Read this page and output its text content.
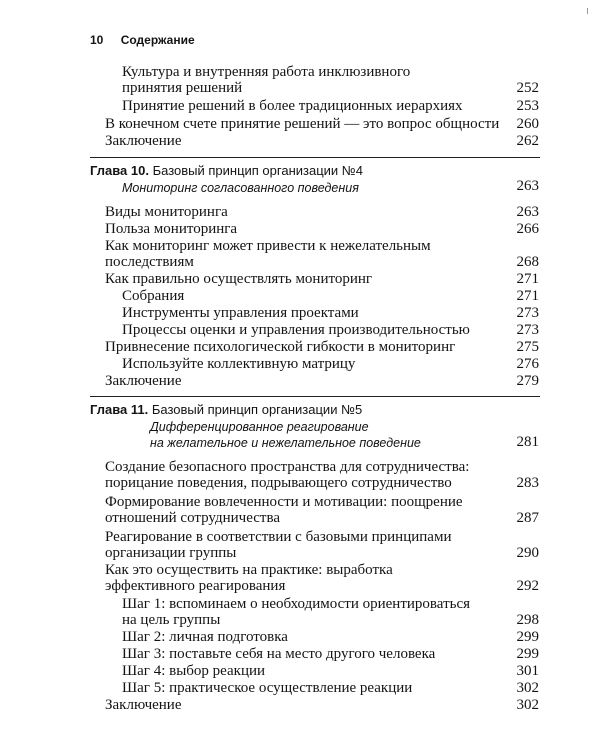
10 Содержание
Культура и внутренняя работа инклюзивного
принятия решений	252
Принятие решений в более традиционных иерархиях	253
В конечном счете принятие решений — это вопрос общности 260
Заключение	262
Глава 10. Базовый принцип организации №4
Мониторинг согласованного поведения	263
Виды мониторинга	263
Польза мониторинга	266
Как мониторинг может привести к нежелательным
последствиям	268
Как правильно осуществлять мониторинг	271
Собрания	271
Инструменты управления проектами	273
Процессы оценки и управления производительностью	273
Привнесение психологической гибкости в мониторинг	275
Используйте коллективную матрицу	276
Заключение	279
Глава 11. Базовый принцип организации №5
Дифференцированное реагирование
на желательное и нежелательное поведение	281
Создание безопасного пространства для сотрудничества:
порицание поведения, подрывающего сотрудничество	283
Формирование вовлеченности и мотивации: поощрение
отношений сотрудничества	287
Реагирование в соответствии с базовыми принципами
организации группы	290
Как это осуществить на практике: выработка
эффективного реагирования	292
Шаг 1: вспоминаем о необходимости ориентироваться
на цель группы	298
Шаг 2: личная подготовка	299
Шаг 3: поставьте себя на место другого человека	299
Шаг 4: выбор реакции	301
Шаг 5: практическое осуществление реакции	302
Заключение	302
